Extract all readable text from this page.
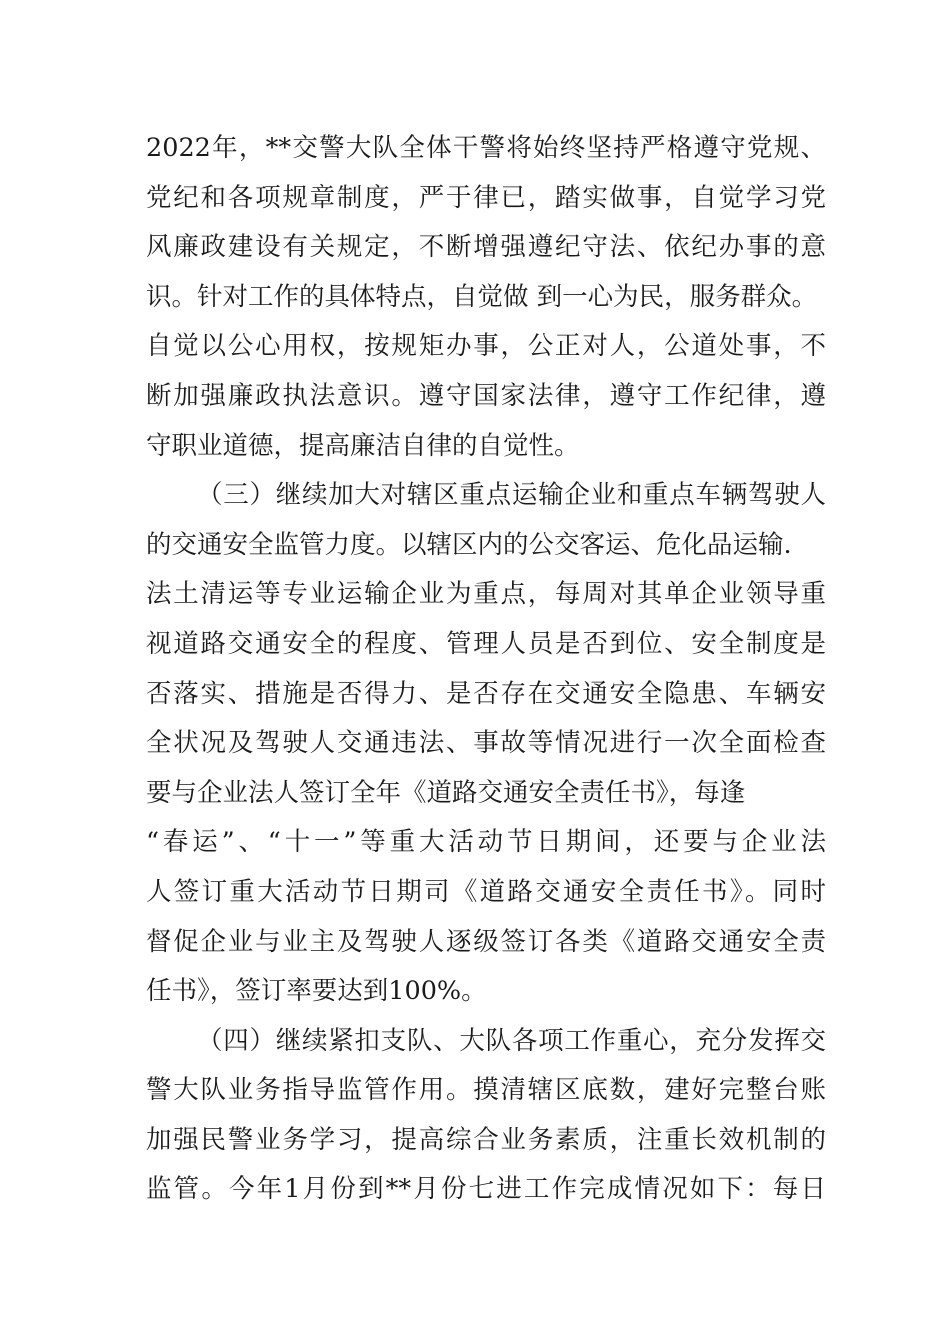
2022年，**交警大队全体干警将始终坚持严格遵守党规、
党纪和各项规章制度，严于律已，踏实做事，自觉学习党
风廉政建设有关规定，不断增强遵纪守法、依纪办事的意
识。针对工作的具体特点，自觉做 到一心为民，服务群众。
自觉以公心用权，按规矩办事，公正对人，公道处事，不
断加强廉政执法意识。遵守国家法律，遵守工作纪律，遵
守职业道德，提高廉洁自律的自觉性。
（三）继续加大对辖区重点运输企业和重点车辆驾驶人
的交通安全监管力度。以辖区内的公交客运、危化品运输.
法土清运等专业运输企业为重点，每周对其单企业领导重
视道路交通安全的程度、管理人员是否到位、安全制度是
否落实、措施是否得力、是否存在交通安全隐患、车辆安
全状况及驾驶人交通违法、事故等情况进行一次全面检查
要与企业法人签订全年《道路交通安全责任书》，每逢
“春运”、“十一”等重大活动节日期间，还要与企业法
人签订重大活动节日期司《道路交通安全责任书》。同时
督促企业与业主及驾驶人逐级签订各类《道路交通安全责
任书》，签订率要达到100%。
（四）继续紧扣支队、大队各项工作重心，充分发挥交
警大队业务指导监管作用。摸清辖区底数，建好完整台账
加强民警业务学习，提高综合业务素质，注重长效机制的
监管。今年1月份到**月份七进工作完成情况如下：每日
